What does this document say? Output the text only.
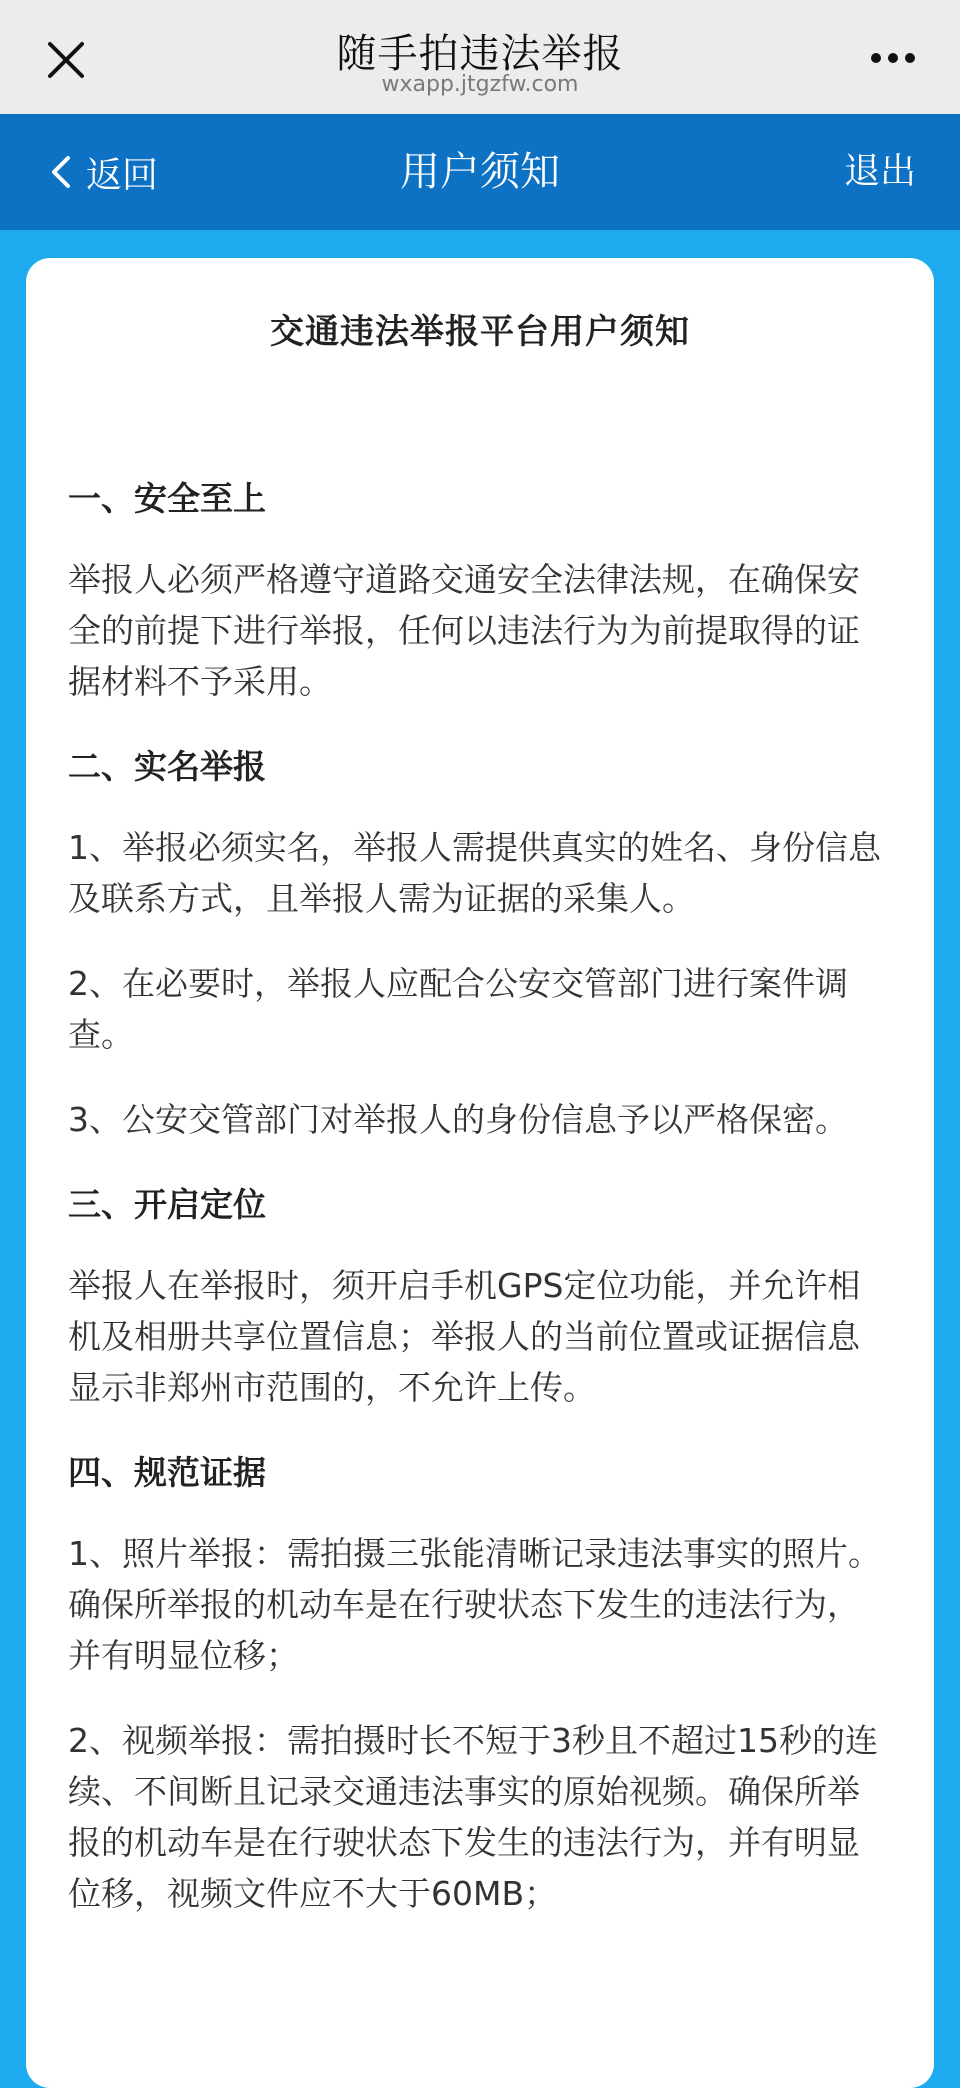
随手拍违法举报
wxapp.jtgzfw.com
返回	用户须知	退出
交通违法举报平台用户须知
一、安全至上

举报人必须严格遵守道路交通安全法律法规，在确保安全的前提下进行举报，任何以违法行为为前提取得的证据材料不予采用。

二、实名举报

1、举报必须实名，举报人需提供真实的姓名、身份信息及联系方式，且举报人需为证据的采集人。

2、在必要时，举报人应配合公安交管部门进行案件调查。

3、公安交管部门对举报人的身份信息予以严格保密。

三、开启定位

举报人在举报时，须开启手机GPS定位功能，并允许相机及相册共享位置信息；举报人的当前位置或证据信息显示非郑州市范围的，不允许上传。

四、规范证据

1、照片举报：需拍摄三张能清晰记录违法事实的照片。确保所举报的机动车是在行驶状态下发生的违法行为，并有明显位移；

2、视频举报：需拍摄时长不短于3秒且不超过15秒的连续、不间断且记录交通违法事实的原始视频。确保所举报的机动车是在行驶状态下发生的违法行为，并有明显位移，视频文件应不大于60MB；
